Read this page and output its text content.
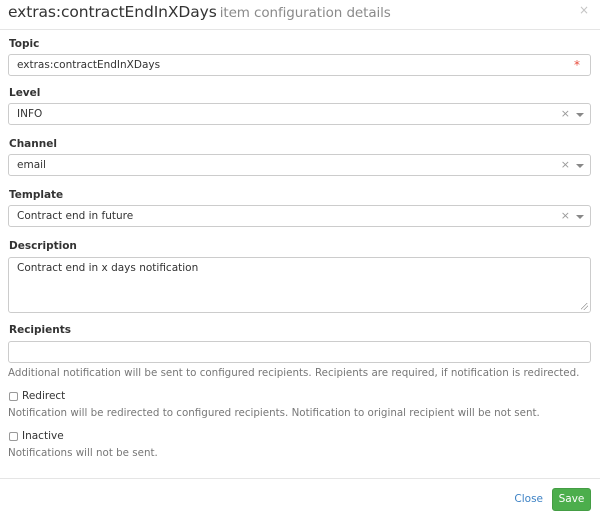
extras:contractEndInXDays item configuration details	×
Topic
extras:contractEndInXDays	*
Level
INFO	×
Channel
email	×
Template
Contract end in future	×
Description
Contract end in x days notification
Recipients
Additional notification will be sent to configured recipients. Recipients are required, if notification is redirected.
Redirect
Notification will be redirected to configured recipients. Notification to original recipient will be not sent.
Inactive
Notifications will not be sent.
Close	Save
